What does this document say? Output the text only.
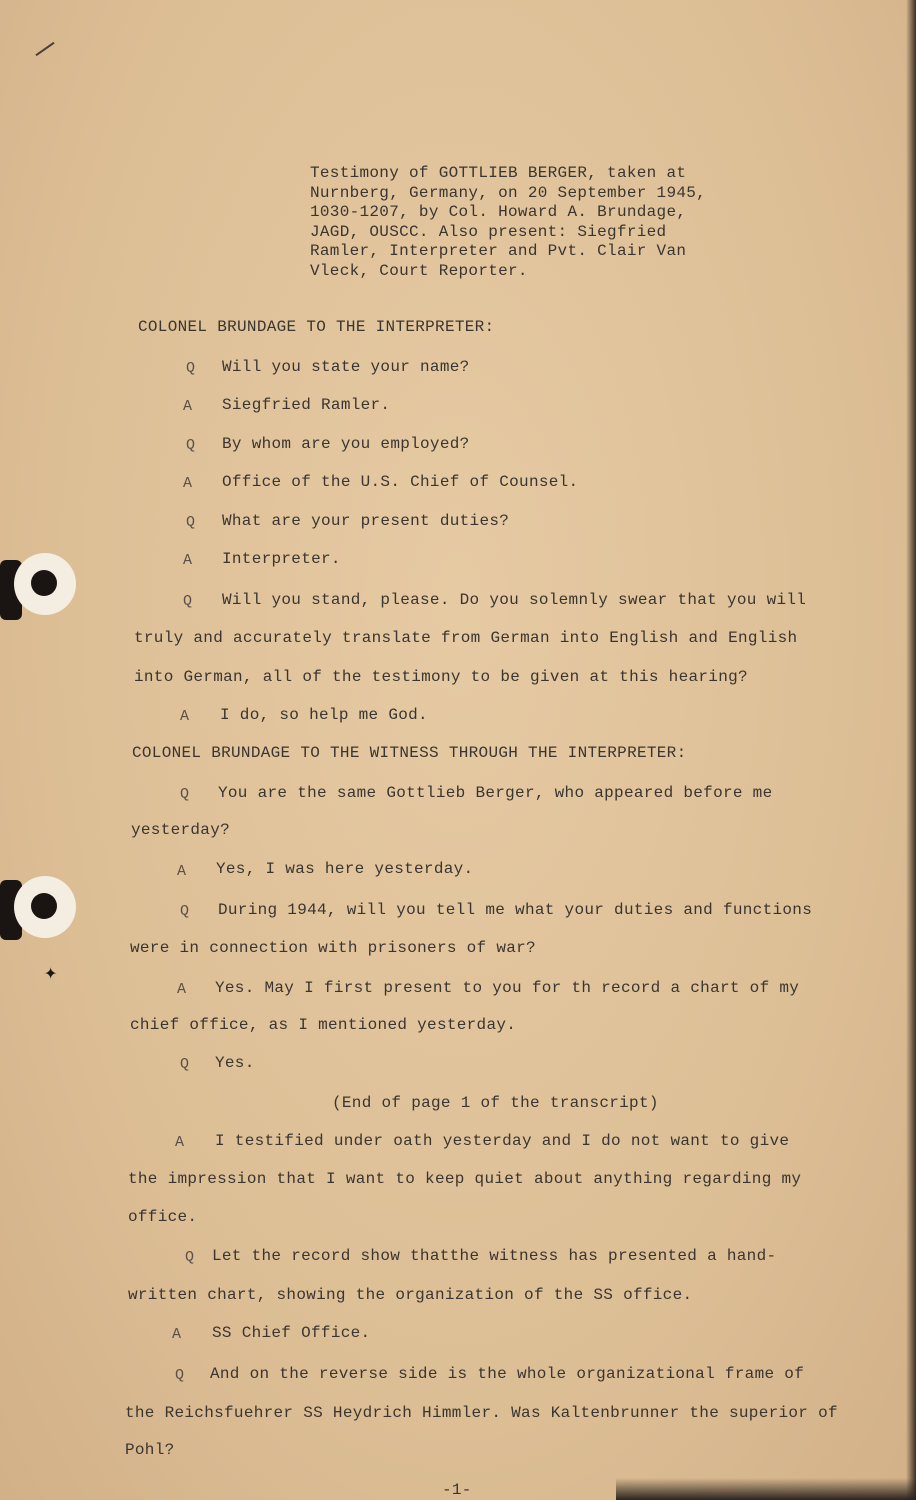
✦
Testimony of GOTTLIEB BERGER, taken at
Nurnberg, Germany, on 20 September 1945,
1030-1207, by Col. Howard A. Brundage,
JAGD, OUSCC. Also present: Siegfried
Ramler, Interpreter and Pvt. Clair Van
Vleck, Court Reporter.
COLONEL BRUNDAGE TO THE INTERPRETER:
Q Will you state your name?
A Siegfried Ramler.
Q By whom are you employed?
A Office of the U.S. Chief of Counsel.
Q What are your present duties?
A Interpreter.
Q Will you stand, please. Do you solemnly swear that you will
truly and accurately translate from German into English and English
into German, all of the testimony to be given at this hearing?
A I do, so help me God.
COLONEL BRUNDAGE TO THE WITNESS THROUGH THE INTERPRETER:
Q You are the same Gottlieb Berger, who appeared before me
yesterday?
A Yes, I was here yesterday.
Q During 1944, will you tell me what your duties and functions
were in connection with prisoners of war?
A Yes. May I first present to you for th record a chart of my
chief office, as I mentioned yesterday.
Q Yes.
(End of page 1 of the transcript)
A I testified under oath yesterday and I do not want to give
the impression that I want to keep quiet about anything regarding my
office.
Q Let the record show thatthe witness has presented a hand-
written chart, showing the organization of the SS office.
A SS Chief Office.
Q And on the reverse side is the whole organizational frame of
the Reichsfuehrer SS Heydrich Himmler. Was Kaltenbrunner the superior of
Pohl?
-1-
